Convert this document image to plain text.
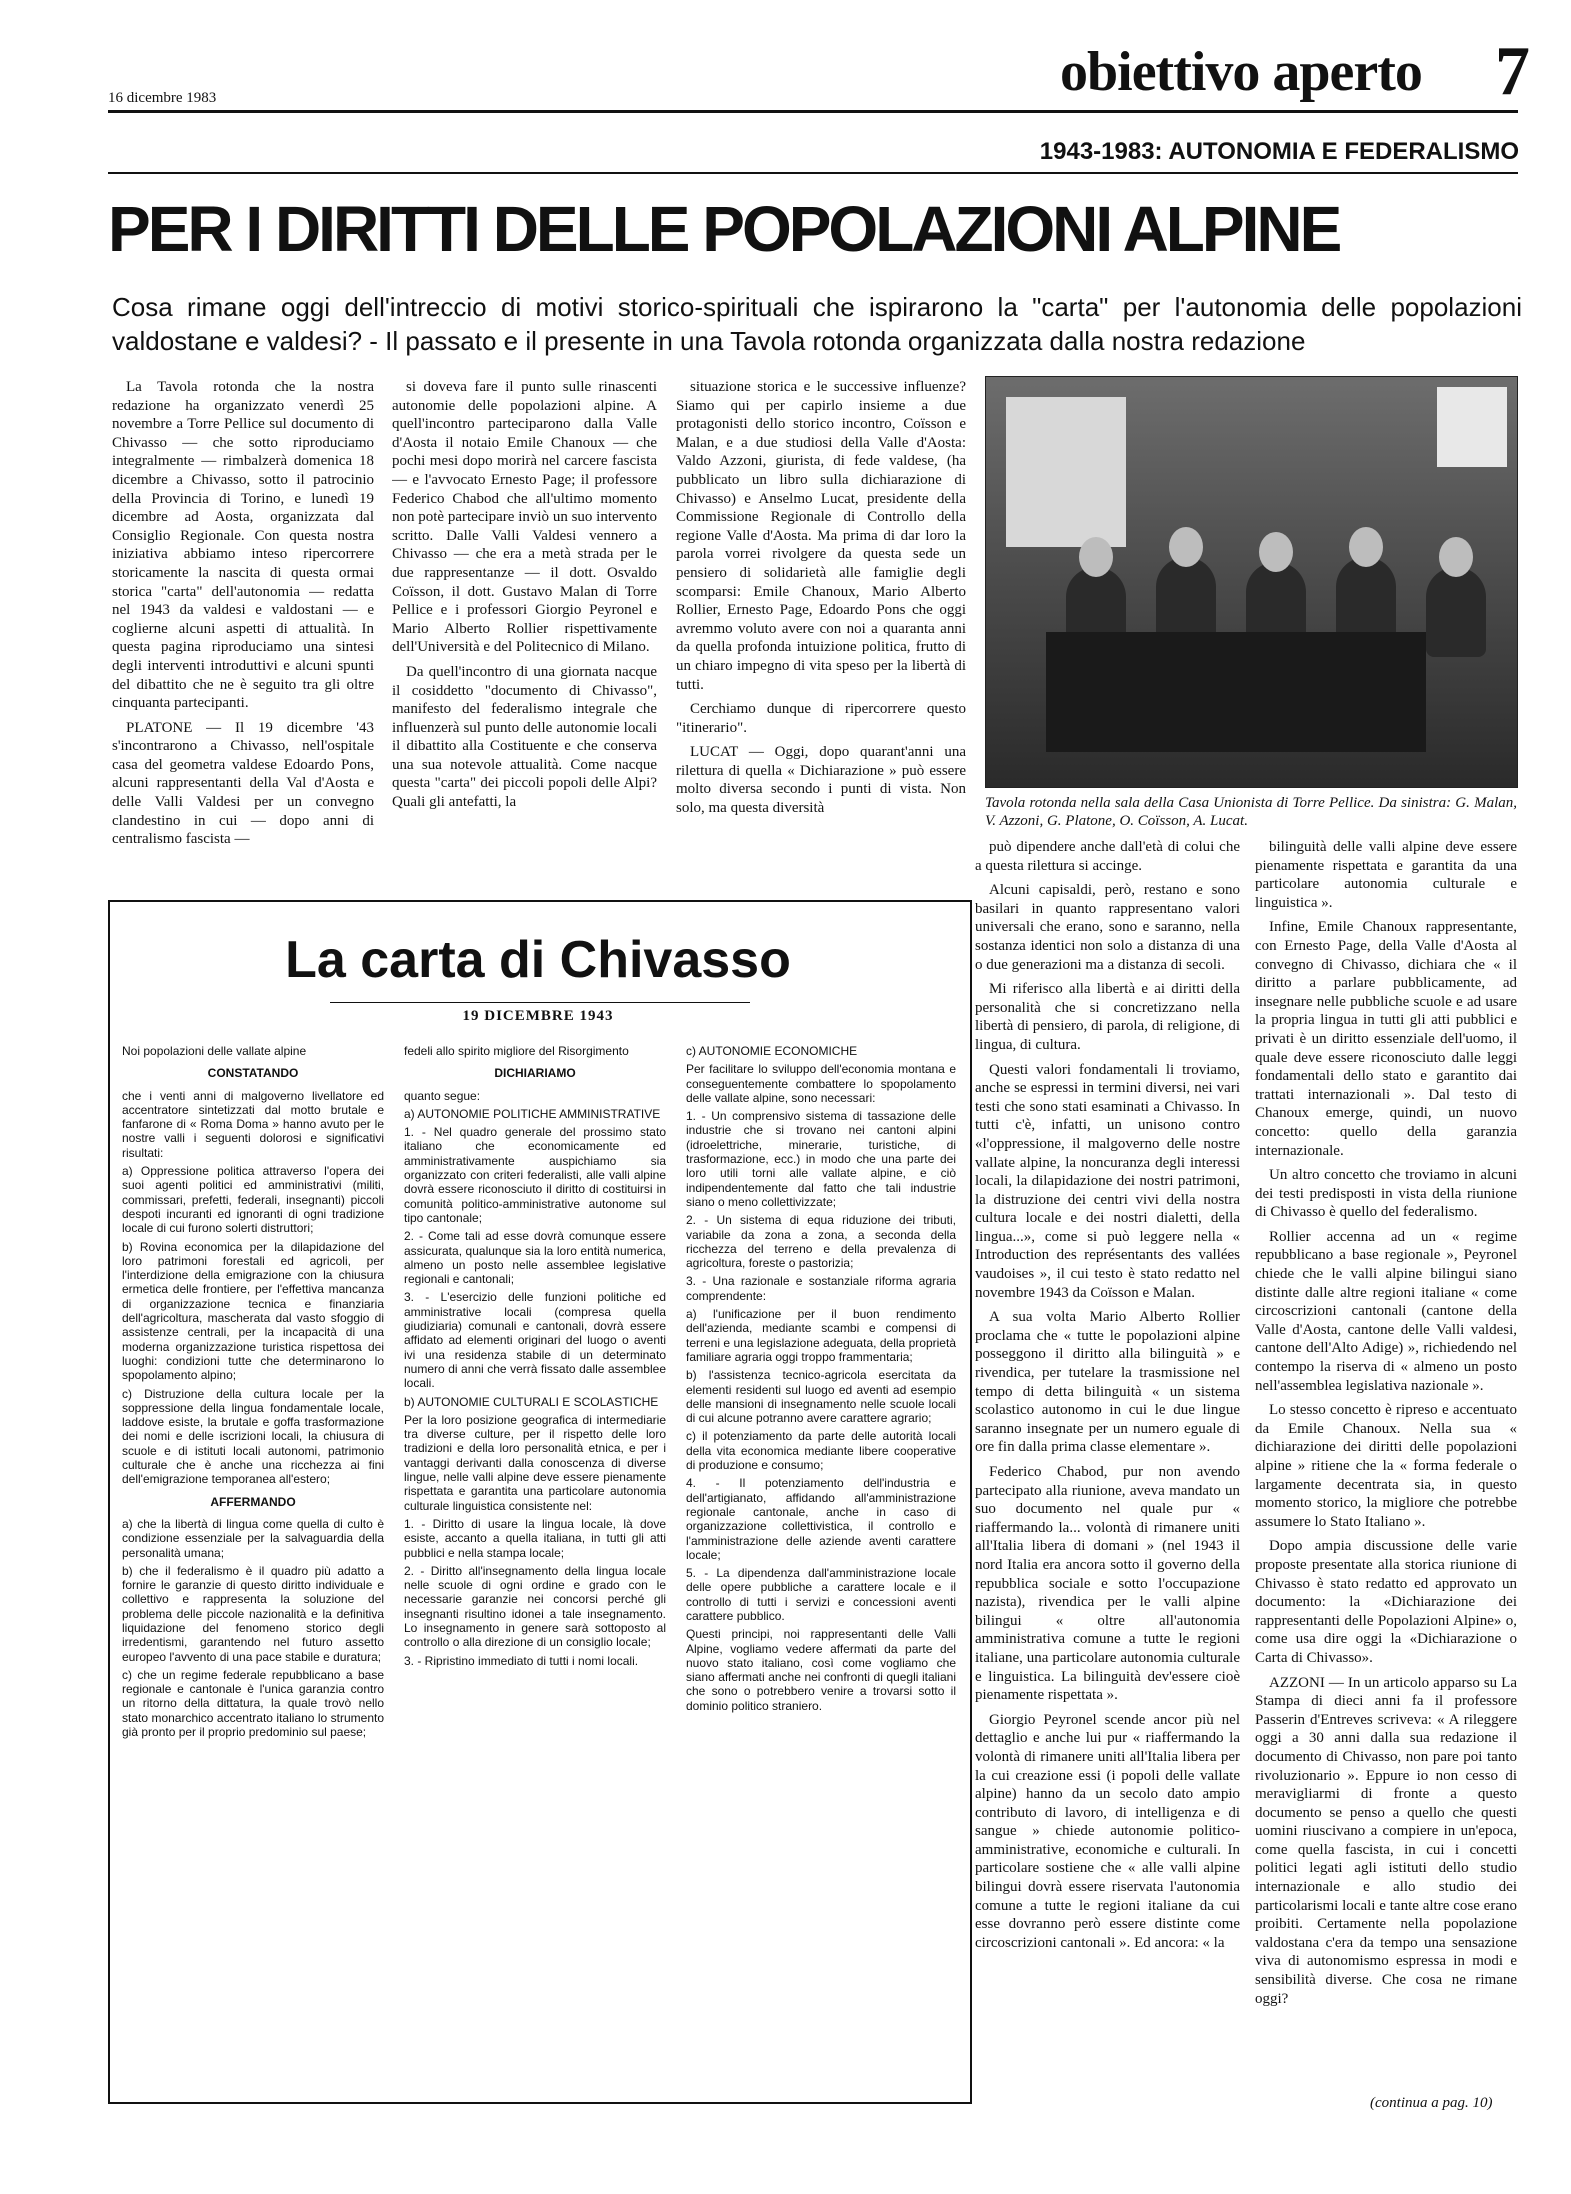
obiettivo aperto 7
16 dicembre 1983
1943-1983: AUTONOMIA E FEDERALISMO
PER I DIRITTI DELLE POPOLAZIONI ALPINE
Cosa rimane oggi dell'intreccio di motivi storico-spirituali che ispirarono la "carta" per l'autonomia delle popolazioni valdostane e valdesi? - Il passato e il presente in una Tavola rotonda organizzata dalla nostra redazione

La Tavola rotonda che la nostra redazione ha organizzato venerdì 25 novembre a Torre Pellice sul documento di Chivasso — che sotto riproduciamo integralmente — rimbalzerà domenica 18 dicembre a Chivasso, sotto il patrocinio della Provincia di Torino, e lunedì 19 dicembre ad Aosta, organizzata dal Consiglio Regionale. Con questa nostra iniziativa abbiamo inteso ripercorrere storicamente la nascita di questa ormai storica "carta" dell'autonomia — redatta nel 1943 da valdesi e valdostani — e coglierne alcuni aspetti di attualità. In questa pagina riproduciamo una sintesi degli interventi introduttivi e alcuni spunti del dibattito che ne è seguito tra gli oltre cinquanta partecipanti.

PLATONE — Il 19 dicembre '43 s'incontrarono a Chivasso, nell'ospitale casa del geometra valdese Edoardo Pons, alcuni rappresentanti della Val d'Aosta e delle Valli Valdesi per un convegno clandestino in cui — dopo anni di centralismo fascista —

si doveva fare il punto sulle rinascenti autonomie delle popolazioni alpine. A quell'incontro parteciparono dalla Valle d'Aosta il notaio Emile Chanoux — che pochi mesi dopo morirà nel carcere fascista — e l'avvocato Ernesto Page; il professore Federico Chabod che all'ultimo momento non potè partecipare inviò un suo intervento scritto. Dalle Valli Valdesi vennero a Chivasso — che era a metà strada per le due rappresentanze — il dott. Osvaldo Coïsson, il dott. Gustavo Malan di Torre Pellice e i professori Giorgio Peyronel e Mario Alberto Rollier rispettivamente dell'Università e del Politecnico di Milano.

Da quell'incontro di una giornata nacque il cosiddetto "documento di Chivasso", manifesto del federalismo integrale che influenzerà sul punto delle autonomie locali il dibattito alla Costituente e che conserva una sua notevole attualità. Come nacque questa "carta" dei piccoli popoli delle Alpi? Quali gli antefatti, la

situazione storica e le successive influenze? Siamo qui per capirlo insieme a due protagonisti dello storico incontro, Coïsson e Malan, e a due studiosi della Valle d'Aosta: Valdo Azzoni, giurista, di fede valdese, (ha pubblicato un libro sulla dichiarazione di Chivasso) e Anselmo Lucat, presidente della Commissione Regionale di Controllo della regione Valle d'Aosta. Ma prima di dar loro la parola vorrei rivolgere da questa sede un pensiero di solidarietà alle famiglie degli scomparsi: Emile Chanoux, Mario Alberto Rollier, Ernesto Page, Edoardo Pons che oggi avremmo voluto avere con noi a quaranta anni da quella profonda intuizione politica, frutto di un chiaro impegno di vita speso per la libertà di tutti.

Cerchiamo dunque di ripercorrere questo "itinerario".

LUCAT — Oggi, dopo quarant'anni una rilettura di quella « Dichiarazione » può essere molto diversa secondo i punti di vista. Non solo, ma questa diversità	Tavola rotonda nella sala della Casa Unionista di Torre Pellice. Da sinistra: G. Malan, V. Azzoni, G. Platone, O. Coïsson, A. Lucat.

può dipendere anche dall'età di colui che a questa rilettura si accinge.

Alcuni capisaldi, però, restano e sono basilari in quanto rappresentano valori universali che erano, sono e saranno, nella sostanza identici non solo a distanza di una o due generazioni ma a distanza di secoli.

Mi riferisco alla libertà e ai diritti della personalità che si concretizzano nella libertà di pensiero, di parola, di religione, di lingua, di cultura.

Questi valori fondamentali li troviamo, anche se espressi in termini diversi, nei vari testi che sono stati esaminati a Chivasso. In tutti c'è, infatti, un unisono contro «l'oppressione, il malgoverno delle nostre vallate alpine, la noncuranza degli interessi locali, la dilapidazione dei nostri patrimoni, la distruzione dei centri vivi della nostra cultura locale e dei nostri dialetti, della lingua...», come si può leggere nella « Introduction des représentants des vallées vaudoises », il cui testo è stato redatto nel novembre 1943 da Coïsson e Malan.

A sua volta Mario Alberto Rollier proclama che « tutte le popolazioni alpine posseggono il diritto alla bilinguità » e rivendica, per tutelare la trasmissione nel tempo di detta bilinguità « un sistema scolastico autonomo in cui le due lingue saranno insegnate per un numero eguale di ore fin dalla prima classe elementare ».

Federico Chabod, pur non avendo partecipato alla riunione, aveva mandato un suo documento nel quale pur « riaffermando la... volontà di rimanere uniti all'Italia libera di domani » (nel 1943 il nord Italia era ancora sotto il governo della repubblica sociale e sotto l'occupazione nazista), rivendica per le valli alpine bilingui « oltre all'autonomia amministrativa comune a tutte le regioni italiane, una particolare autonomia culturale e linguistica. La bilinguità dev'essere cioè pienamente rispettata ».

Giorgio Peyronel scende ancor più nel dettaglio e anche lui pur « riaffermando la volontà di rimanere uniti all'Italia libera per la cui creazione essi (i popoli delle vallate alpine) hanno da un secolo dato ampio contributo di lavoro, di intelligenza e di sangue » chiede autonomie politico-amministrative, economiche e culturali. In particolare sostiene che « alle valli alpine bilingui dovrà essere riservata l'autonomia comune a tutte le regioni italiane da cui esse dovranno però essere distinte come circoscrizioni cantonali ». Ed ancora: « la

bilinguità delle valli alpine deve essere pienamente rispettata e garantita da una particolare autonomia culturale e linguistica ».

Infine, Emile Chanoux rappresentante, con Ernesto Page, della Valle d'Aosta al convegno di Chivasso, dichiara che « il diritto a parlare pubblicamente, ad insegnare nelle pubbliche scuole e ad usare la propria lingua in tutti gli atti pubblici e privati è un diritto essenziale dell'uomo, il quale deve essere riconosciuto dalle leggi fondamentali dello stato e garantito dai trattati internazionali ». Dal testo di Chanoux emerge, quindi, un nuovo concetto: quello della garanzia internazionale.

Un altro concetto che troviamo in alcuni dei testi predisposti in vista della riunione di Chivasso è quello del federalismo.

Rollier accenna ad un « regime repubblicano a base regionale », Peyronel chiede che le valli alpine bilingui siano distinte dalle altre regioni italiane « come circoscrizioni cantonali (cantone della Valle d'Aosta, cantone delle Valli valdesi, cantone dell'Alto Adige) », richiedendo nel contempo la riserva di « almeno un posto nell'assemblea legislativa nazionale ».

Lo stesso concetto è ripreso e accentuato da Emile Chanoux. Nella sua « dichiarazione dei diritti delle popolazioni alpine » ritiene che la « forma federale o largamente decentrata sia, in questo momento storico, la migliore che potrebbe assumere lo Stato Italiano ».

Dopo ampia discussione delle varie proposte presentate alla storica riunione di Chivasso è stato redatto ed approvato un documento: la «Dichiarazione dei rappresentanti delle Popolazioni Alpine» o, come usa dire oggi la «Dichiarazione o Carta di Chivasso».

AZZONI — In un articolo apparso su La Stampa di dieci anni fa il professore Passerin d'Entreves scriveva: « A rileggere oggi a 30 anni dalla sua redazione il documento di Chivasso, non pare poi tanto rivoluzionario ». Eppure io non cesso di meravigliarmi di fronte a questo documento se penso a quello che questi uomini riuscivano a compiere in un'epoca, come quella fascista, in cui i concetti politici legati agli istituti dello studio internazionale e allo studio dei particolarismi locali e tante altre cose erano proibiti. Certamente nella popolazione valdostana c'era da tempo una sensazione viva di autonomismo espressa in modi e sensibilità diverse. Che cosa ne rimane oggi?

(continua a pag. 10)
La carta di Chivasso
19 DICEMBRE 1943

Noi popolazioni delle vallate alpine

CONSTATANDO

che i venti anni di malgoverno livellatore ed accentratore sintetizzati dal motto brutale e fanfarone di « Roma Doma » hanno avuto per le nostre valli i seguenti dolorosi e significativi risultati:

a) Oppressione politica attraverso l'opera dei suoi agenti politici ed amministrativi (militi, commissari, prefetti, federali, insegnanti) piccoli despoti incuranti ed ignoranti di ogni tradizione locale di cui furono solerti distruttori;

b) Rovina economica per la dilapidazione del loro patrimoni forestali ed agricoli, per l'interdizione della emigrazione con la chiusura ermetica delle frontiere, per l'effettiva mancanza di organizzazione tecnica e finanziaria dell'agricoltura, mascherata dal vasto sfoggio di assistenze centrali, per la incapacità di una moderna organizzazione turistica rispettosa dei luoghi: condizioni tutte che determinarono lo spopolamento alpino;

c) Distruzione della cultura locale per la soppressione della lingua fondamentale locale, laddove esiste, la brutale e goffa trasformazione dei nomi e delle iscrizioni locali, la chiusura di scuole e di istituti locali autonomi, patrimonio culturale che è anche una ricchezza ai fini dell'emigrazione temporanea all'estero;

AFFERMANDO

a) che la libertà di lingua come quella di culto è condizione essenziale per la salvaguardia della personalità umana;

b) che il federalismo è il quadro più adatto a fornire le garanzie di questo diritto individuale e collettivo e rappresenta la soluzione del problema delle piccole nazionalità e la definitiva liquidazione del fenomeno storico degli irredentismi, garantendo nel futuro assetto europeo l'avvento di una pace stabile e duratura;

c) che un regime federale repubblicano a base regionale e cantonale è l'unica garanzia contro un ritorno della dittatura, la quale trovò nello stato monarchico accentrato italiano lo strumento già pronto per il proprio predominio sul paese;

fedeli allo spirito migliore del Risorgimento

DICHIARIAMO

quanto segue:

a) AUTONOMIE POLITICHE AMMINISTRATIVE

1. - Nel quadro generale del prossimo stato italiano che economicamente ed amministrativamente auspichiamo sia organizzato con criteri federalisti, alle valli alpine dovrà essere riconosciuto il diritto di costituirsi in comunità politico-amministrative autonome sul tipo cantonale;

2. - Come tali ad esse dovrà comunque essere assicurata, qualunque sia la loro entità numerica, almeno un posto nelle assemblee legislative regionali e cantonali;

3. - L'esercizio delle funzioni politiche ed amministrative locali (compresa quella giudiziaria) comunali e cantonali, dovrà essere affidato ad elementi originari del luogo o aventi ivi una residenza stabile di un determinato numero di anni che verrà fissato dalle assemblee locali.

b) AUTONOMIE CULTURALI E SCOLASTICHE

Per la loro posizione geografica di intermediarie tra diverse culture, per il rispetto delle loro tradizioni e della loro personalità etnica, e per i vantaggi derivanti dalla conoscenza di diverse lingue, nelle valli alpine deve essere pienamente rispettata e garantita una particolare autonomia culturale linguistica consistente nel:

1. - Diritto di usare la lingua locale, là dove esiste, accanto a quella italiana, in tutti gli atti pubblici e nella stampa locale;

2. - Diritto all'insegnamento della lingua locale nelle scuole di ogni ordine e grado con le necessarie garanzie nei concorsi perché gli insegnanti risultino idonei a tale insegnamento. Lo insegnamento in genere sarà sottoposto al controllo o alla direzione di un consiglio locale;

3. - Ripristino immediato di tutti i nomi locali.

c) AUTONOMIE ECONOMICHE

Per facilitare lo sviluppo dell'economia montana e conseguentemente combattere lo spopolamento delle vallate alpine, sono necessari:

1. - Un comprensivo sistema di tassazione delle industrie che si trovano nei cantoni alpini (idroelettriche, minerarie, turistiche, di trasformazione, ecc.) in modo che una parte dei loro utili torni alle vallate alpine, e ciò indipendentemente dal fatto che tali industrie siano o meno collettivizzate;

2. - Un sistema di equa riduzione dei tributi, variabile da zona a zona, a seconda della ricchezza del terreno e della prevalenza di agricoltura, foreste o pastorizia;

3. - Una razionale e sostanziale riforma agraria comprendente:

a) l'unificazione per il buon rendimento dell'azienda, mediante scambi e compensi di terreni e una legislazione adeguata, della proprietà familiare agraria oggi troppo frammentaria;

b) l'assistenza tecnico-agricola esercitata da elementi residenti sul luogo ed aventi ad esempio delle mansioni di insegnamento nelle scuole locali di cui alcune potranno avere carattere agrario;

c) il potenziamento da parte delle autorità locali della vita economica mediante libere cooperative di produzione e consumo;

4. - Il potenziamento dell'industria e dell'artigianato, affidando all'amministrazione regionale cantonale, anche in caso di organizzazione collettivistica, il controllo e l'amministrazione delle aziende aventi carattere locale;

5. - La dipendenza dall'amministrazione locale delle opere pubbliche a carattere locale e il controllo di tutti i servizi e concessioni aventi carattere pubblico.

Questi principi, noi rappresentanti delle Valli Alpine, vogliamo vedere affermati da parte del nuovo stato italiano, così come vogliamo che siano affermati anche nei confronti di quegli italiani che sono o potrebbero venire a trovarsi sotto il dominio politico straniero.
